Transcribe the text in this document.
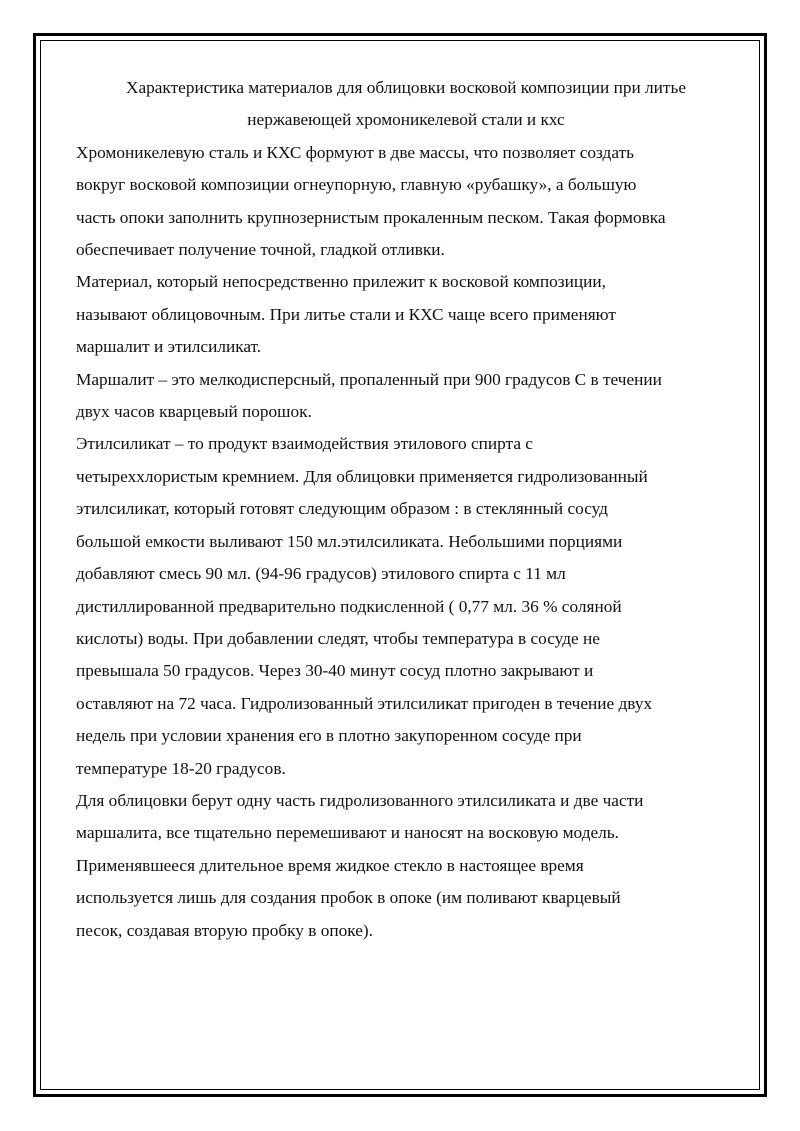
Характеристика материалов для облицовки восковой композиции при литье
нержавеющей хромоникелевой стали и кхс
Хромоникелевую сталь и КХС формуют в две массы, что позволяет создать
вокруг восковой композиции огнеупорную, главную «рубашку», а большую
часть опоки заполнить крупнозернистым прокаленным песком. Такая формовка
обеспечивает получение точной, гладкой отливки.
Материал, который непосредственно прилежит к восковой композиции,
называют облицовочным. При литье стали и КХС чаще всего применяют
маршалит и этилсиликат.
Маршалит – это мелкодисперсный, пропаленный при 900 градусов С в течении
двух часов кварцевый порошок.
Этилсиликат – то продукт взаимодействия этилового спирта с
четыреххлористым кремнием. Для облицовки применяется гидролизованный
этилсиликат, который готовят следующим образом : в стеклянный сосуд
большой емкости выливают 150 мл.этилсиликата. Небольшими порциями
добавляют смесь 90 мл. (94-96 градусов) этилового спирта с 11 мл
дистиллированной предварительно подкисленной ( 0,77 мл. 36 % соляной
кислоты) воды. При добавлении следят, чтобы температура в сосуде не
превышала 50 градусов. Через 30-40 минут сосуд плотно закрывают и
оставляют на 72 часа. Гидролизованный этилсиликат пригоден в течение двух
недель при условии хранения его в плотно закупоренном сосуде при
температуре 18-20 градусов.
Для облицовки берут одну часть гидролизованного этилсиликата и две части
маршалита, все тщательно перемешивают и наносят на восковую модель.
Применявшееся длительное время жидкое стекло в настоящее время
используется лишь для создания пробок в опоке (им поливают кварцевый
песок, создавая вторую пробку в опоке).
